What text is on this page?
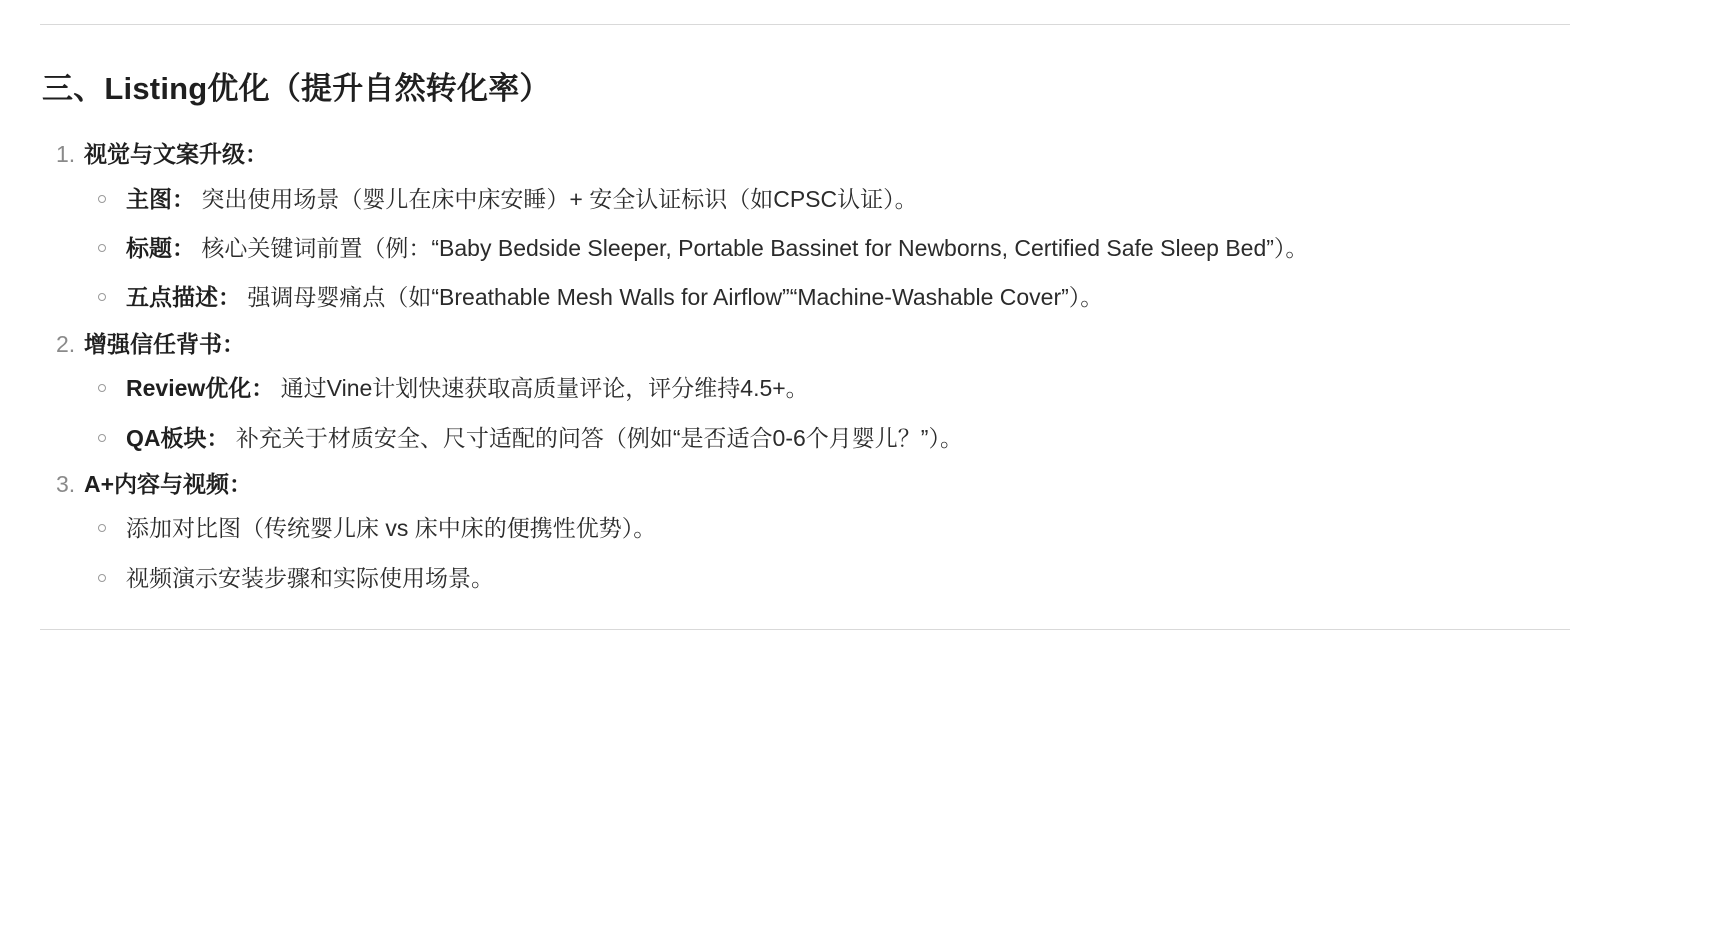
三、Listing优化（提升自然转化率）
1. 视觉与文案升级：
主图： 突出使用场景（婴儿在床中床安睡）+ 安全认证标识（如CPSC认证）。
标题： 核心关键词前置（例：“Baby Bedside Sleeper, Portable Bassinet for Newborns, Certified Safe Sleep Bed”）。
五点描述： 强调母婴痛点（如“Breathable Mesh Walls for Airflow”“Machine-Washable Cover”）。
2. 增强信任背书：
Review优化： 通过Vine计划快速获取高质量评论，评分维持4.5+。
QA板块： 补充关于材质安全、尺寸适配的问答（例如“是否适合0-6个月婴儿？”）。
3. A+内容与视频：
添加对比图（传统婴儿床 vs 床中床的便携性优势）。
视频演示安装步骤和实际使用场景。
